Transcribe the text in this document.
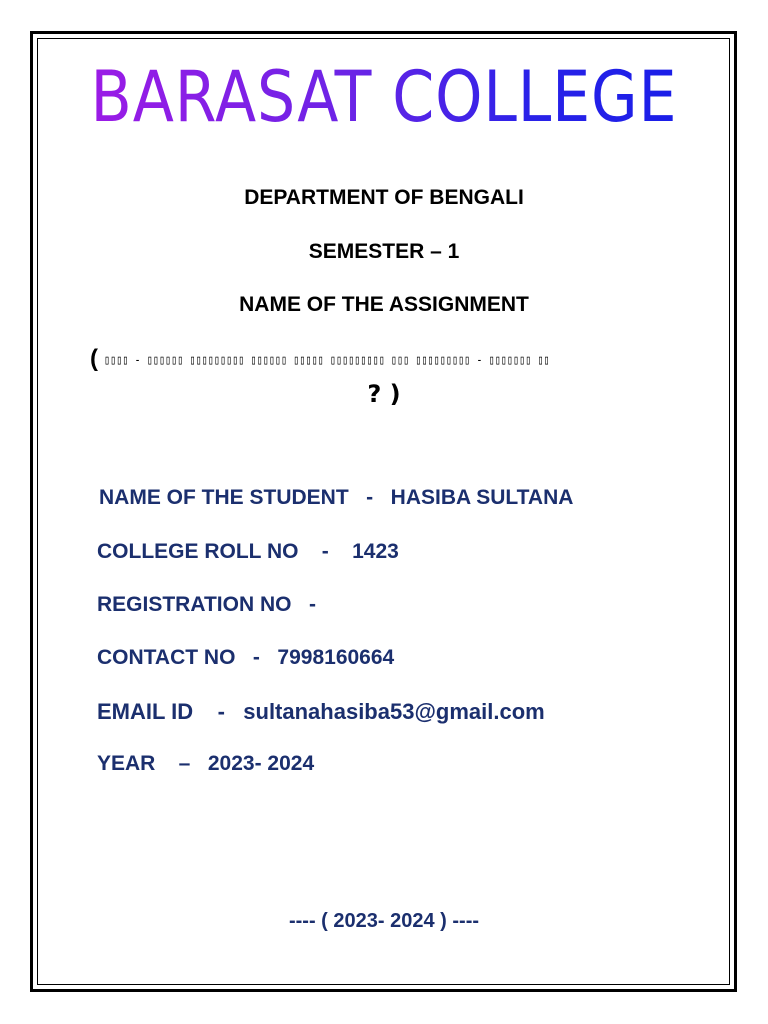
BARASAT COLLEGE
DEPARTMENT OF BENGALI
SEMESTER – 1
NAME OF THE ASSIGNMENT
( ▯▯▯▯ - ▯▯▯▯▯▯ ▯▯▯▯▯▯▯▯▯ ▯▯▯▯▯▯ ▯▯▯▯▯ ▯▯▯▯▯▯▯▯▯ ▯▯▯ ▯▯▯▯▯▯▯▯▯ - ▯▯▯▯▯▯▯ ▯▯
? )
NAME OF THE STUDENT   -   HASIBA SULTANA
COLLEGE ROLL NO    -    1423
REGISTRATION NO   -
CONTACT NO   -   7998160664
EMAIL ID    -   sultanahasiba53@gmail.com
YEAR    –   2023- 2024
---- ( 2023- 2024 ) ----
